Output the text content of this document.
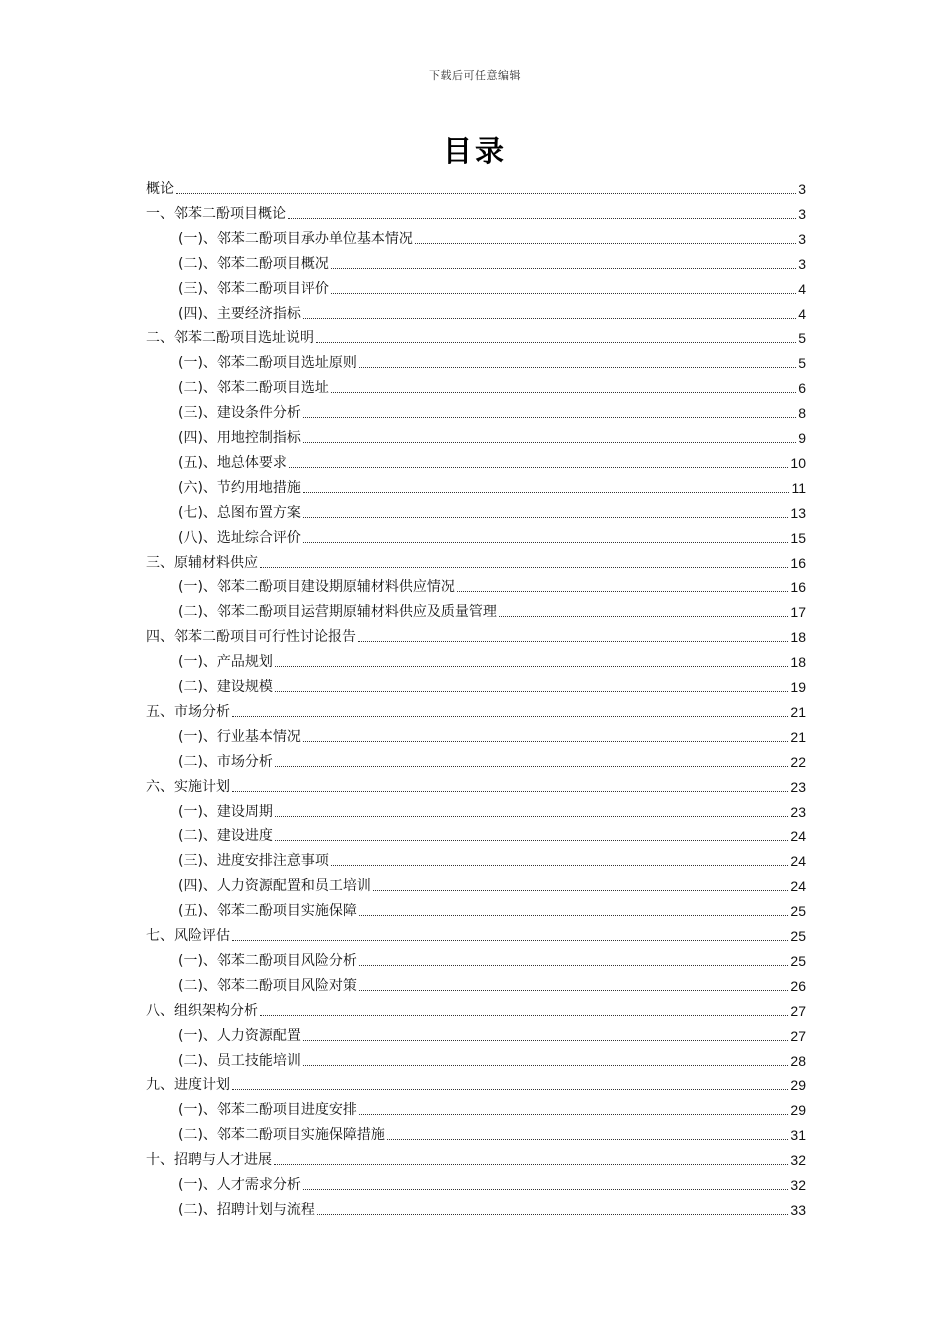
下载后可任意编辑
目录
概论	3
一、邻苯二酚项目概论	3
(一)、邻苯二酚项目承办单位基本情况	3
(二)、邻苯二酚项目概况	3
(三)、邻苯二酚项目评价	4
(四)、主要经济指标	4
二、邻苯二酚项目选址说明	5
(一)、邻苯二酚项目选址原则	5
(二)、邻苯二酚项目选址	6
(三)、建设条件分析	8
(四)、用地控制指标	9
(五)、地总体要求	10
(六)、节约用地措施	11
(七)、总图布置方案	13
(八)、选址综合评价	15
三、原辅材料供应	16
(一)、邻苯二酚项目建设期原辅材料供应情况	16
(二)、邻苯二酚项目运营期原辅材料供应及质量管理	17
四、邻苯二酚项目可行性讨论报告	18
(一)、产品规划	18
(二)、建设规模	19
五、市场分析	21
(一)、行业基本情况	21
(二)、市场分析	22
六、实施计划	23
(一)、建设周期	23
(二)、建设进度	24
(三)、进度安排注意事项	24
(四)、人力资源配置和员工培训	24
(五)、邻苯二酚项目实施保障	25
七、风险评估	25
(一)、邻苯二酚项目风险分析	25
(二)、邻苯二酚项目风险对策	26
八、组织架构分析	27
(一)、人力资源配置	27
(二)、员工技能培训	28
九、进度计划	29
(一)、邻苯二酚项目进度安排	29
(二)、邻苯二酚项目实施保障措施	31
十、招聘与人才进展	32
(一)、人才需求分析	32
(二)、招聘计划与流程	33
